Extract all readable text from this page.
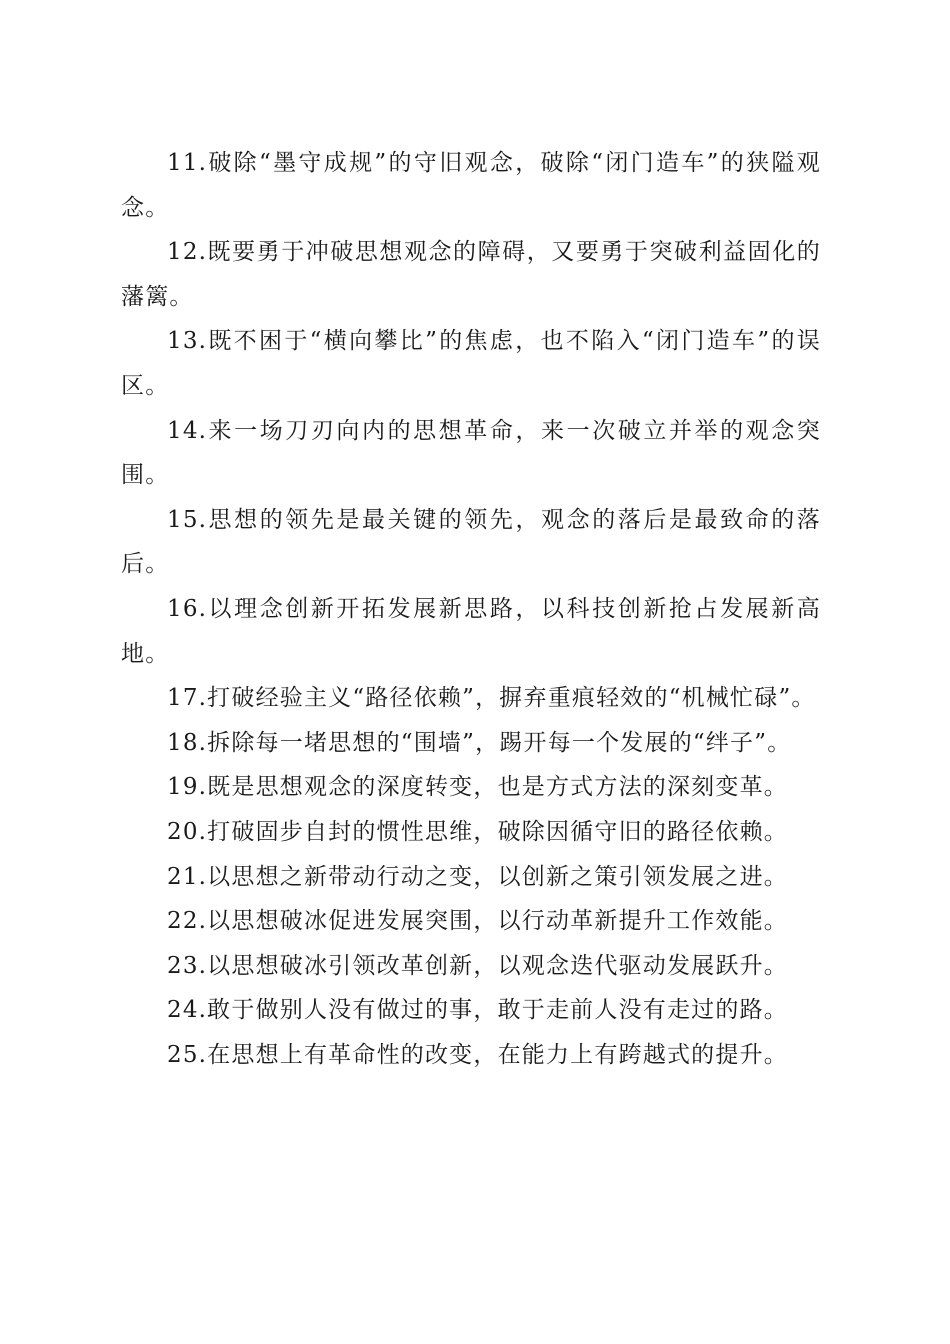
11.破除“墨守成规”的守旧观念，破除“闭门造车”的狭隘观念。

12.既要勇于冲破思想观念的障碍，又要勇于突破利益固化的藩篱。

13.既不困于“横向攀比”的焦虑，也不陷入“闭门造车”的误区。

14.来一场刀刃向内的思想革命，来一次破立并举的观念突围。

15.思想的领先是最关键的领先，观念的落后是最致命的落后。

16.以理念创新开拓发展新思路，以科技创新抢占发展新高地。

17.打破经验主义“路径依赖”，摒弃重痕轻效的“机械忙碌”。

18.拆除每一堵思想的“围墙”，踢开每一个发展的“绊子”。

19.既是思想观念的深度转变，也是方式方法的深刻变革。

20.打破固步自封的惯性思维，破除因循守旧的路径依赖。

21.以思想之新带动行动之变，以创新之策引领发展之进。

22.以思想破冰促进发展突围，以行动革新提升工作效能。

23.以思想破冰引领改革创新，以观念迭代驱动发展跃升。

24.敢于做别人没有做过的事，敢于走前人没有走过的路。

25.在思想上有革命性的改变，在能力上有跨越式的提升。
